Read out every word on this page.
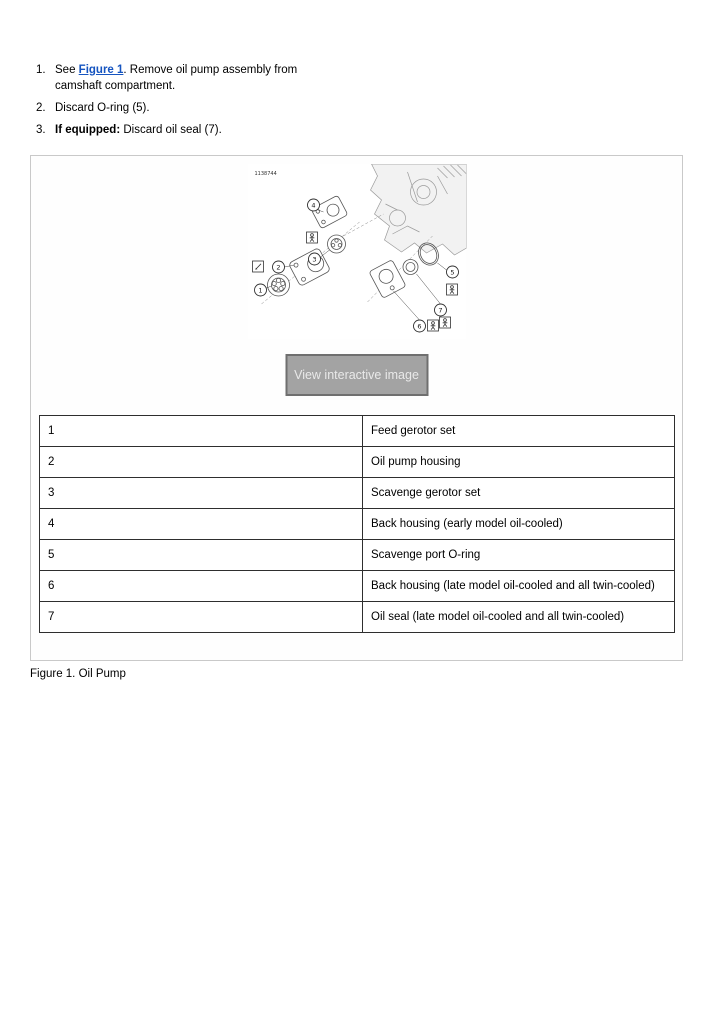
1. See Figure 1. Remove oil pump assembly from camshaft compartment.
2. Discard O-ring (5).
3. If equipped: Discard oil seal (7).
1138744
1
2
3
4
5
6
7
View interactive image
1	Feed gerotor set
2	Oil pump housing
3	Scavenge gerotor set
4	Back housing (early model oil-cooled)
5	Scavenge port O-ring
6	Back housing (late model oil-cooled and all twin-cooled)
7	Oil seal (late model oil-cooled and all twin-cooled)
Figure 1. Oil Pump
